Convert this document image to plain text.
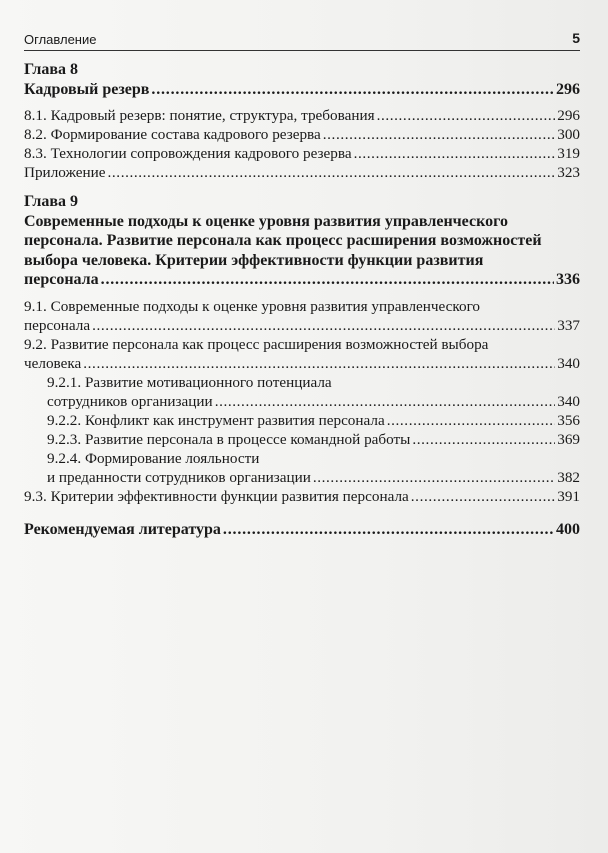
Оглавление	5
Глава 8
Кадровый резерв . . .	296
8.1. Кадровый резерв: понятие, структура, требования . . .	296
8.2. Формирование состава кадрового резерва . . .	300
8.3. Технологии сопровождения кадрового резерва . . .	319
Приложение . . .	323
Глава 9
Современные подходы к оценке уровня развития управленческого
персонала. Развитие персонала как процесс расширения возможностей
выбора человека. Критерии эффективности функции развития
персонала . . .	336
9.1. Современные подходы к оценке уровня развития управленческого
персонала . . .	337
9.2. Развитие персонала как процесс расширения возможностей выбора
человека . . .	340
9.2.1. Развитие мотивационного потенциала
сотрудников организации . . .	340
9.2.2. Конфликт как инструмент развития персонала . . .	356
9.2.3. Развитие персонала в процессе командной работы . . .	369
9.2.4. Формирование лояльности
и преданности сотрудников организации . . .	382
9.3. Критерии эффективности функции развития персонала . . .	391
Рекомендуемая литература . . .	400
